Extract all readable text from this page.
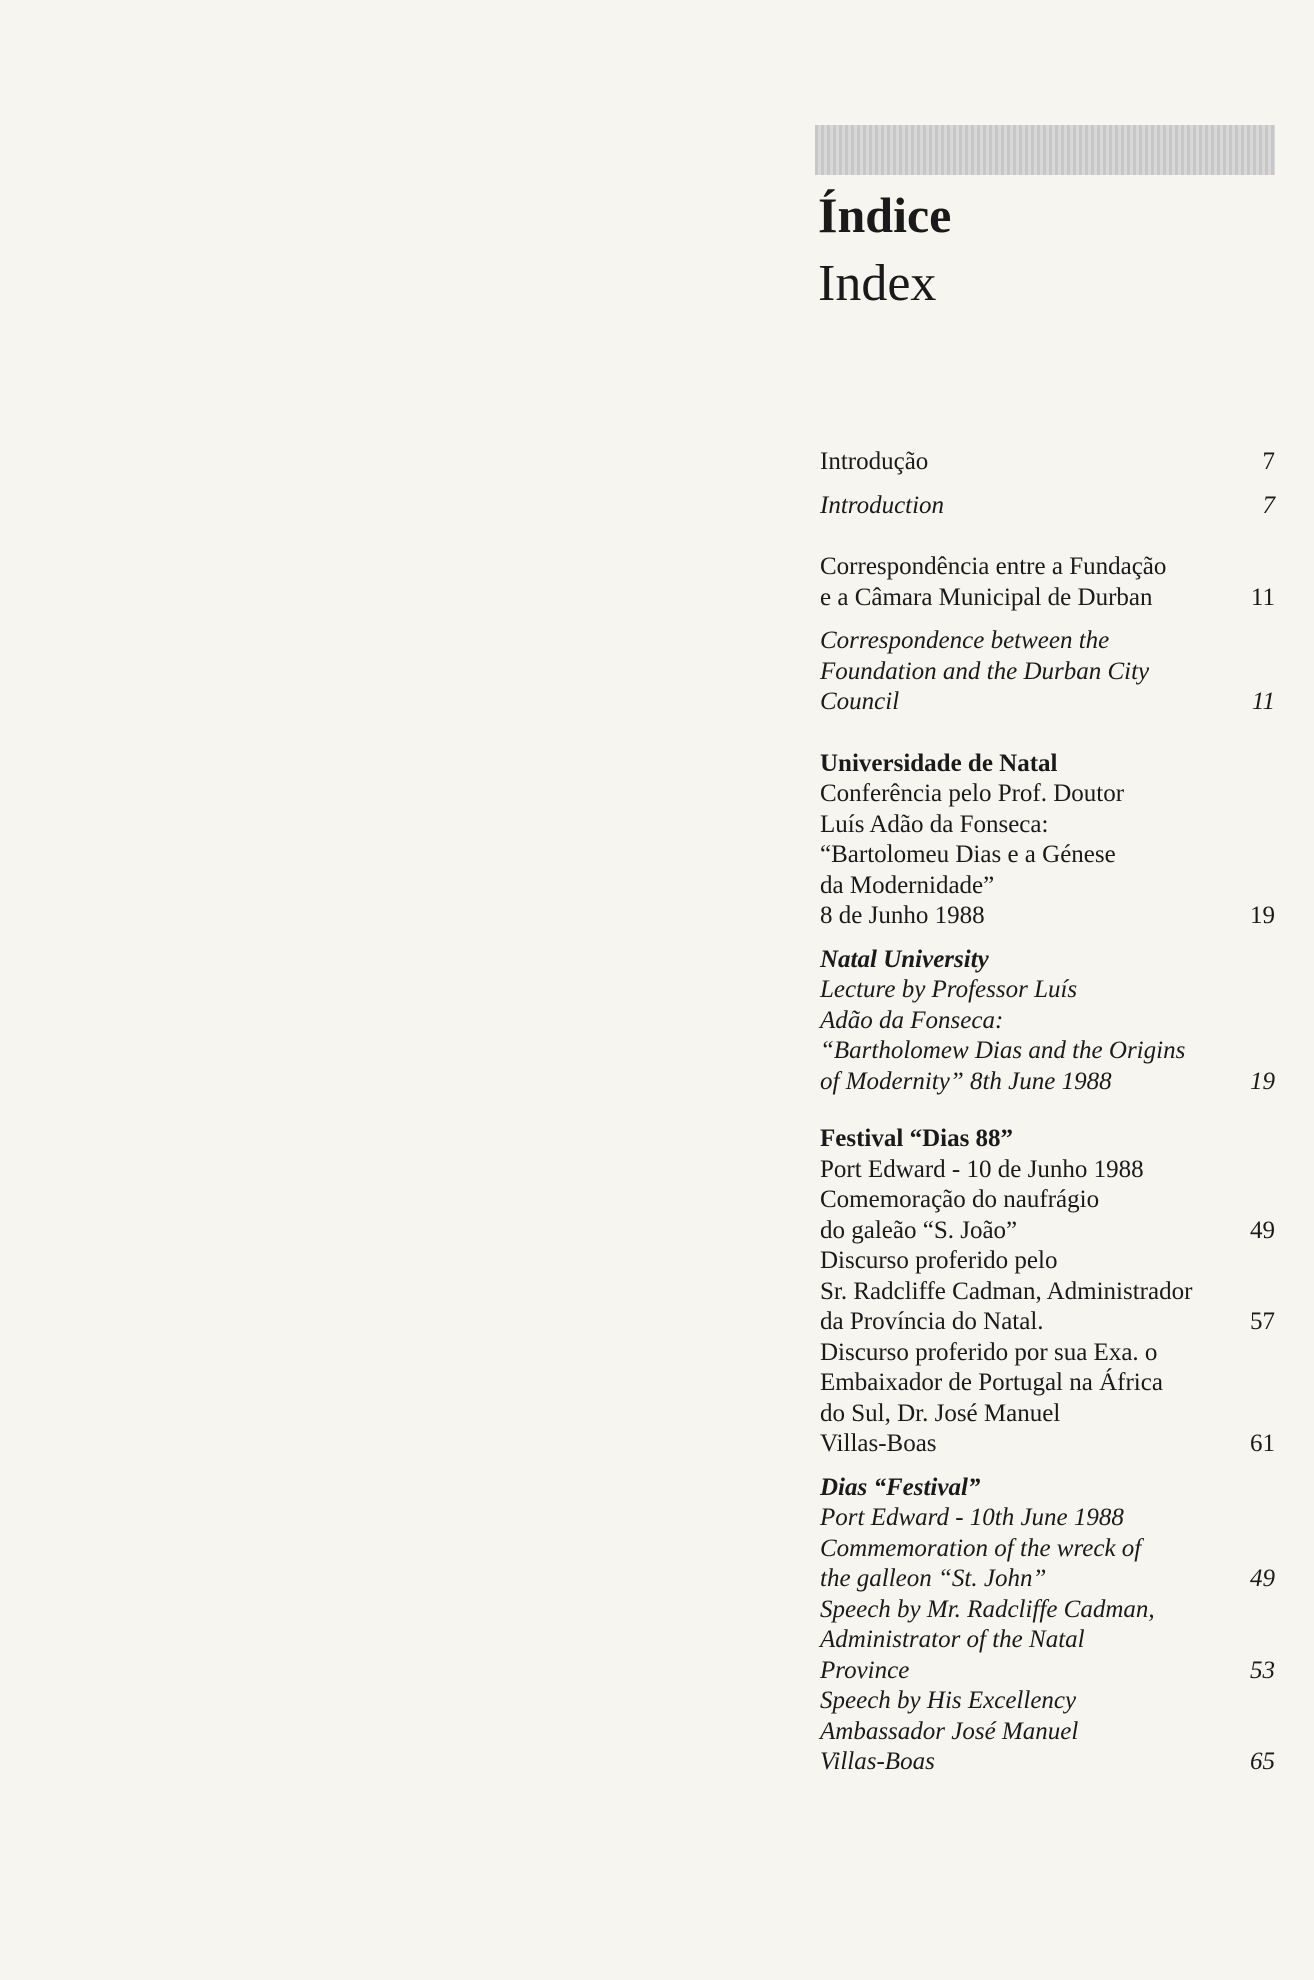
Índice
Index
Introdução	7
Introduction	7
Correspondência entre a Fundação
e a Câmara Municipal de Durban	11
Correspondence between the
Foundation and the Durban City
Council	11
Universidade de Natal
Conferência pelo Prof. Doutor
Luís Adão da Fonseca:
“Bartolomeu Dias e a Génese
da Modernidade”
8 de Junho 1988	19
Natal University
Lecture by Professor Luís
Adão da Fonseca:
“Bartholomew Dias and the Origins
of Modernity” 8th June 1988	19
Festival “Dias 88”
Port Edward - 10 de Junho 1988
Comemoração do naufrágio
do galeão “S. João”	49
Discurso proferido pelo
Sr. Radcliffe Cadman, Administrador
da Província do Natal.	57
Discurso proferido por sua Exa. o
Embaixador de Portugal na África
do Sul, Dr. José Manuel
Villas-Boas	61
Dias “Festival”
Port Edward - 10th June 1988
Commemoration of the wreck of
the galleon “St. John”	49
Speech by Mr. Radcliffe Cadman,
Administrator of the Natal
Province	53
Speech by His Excellency
Ambassador José Manuel
Villas-Boas	65
